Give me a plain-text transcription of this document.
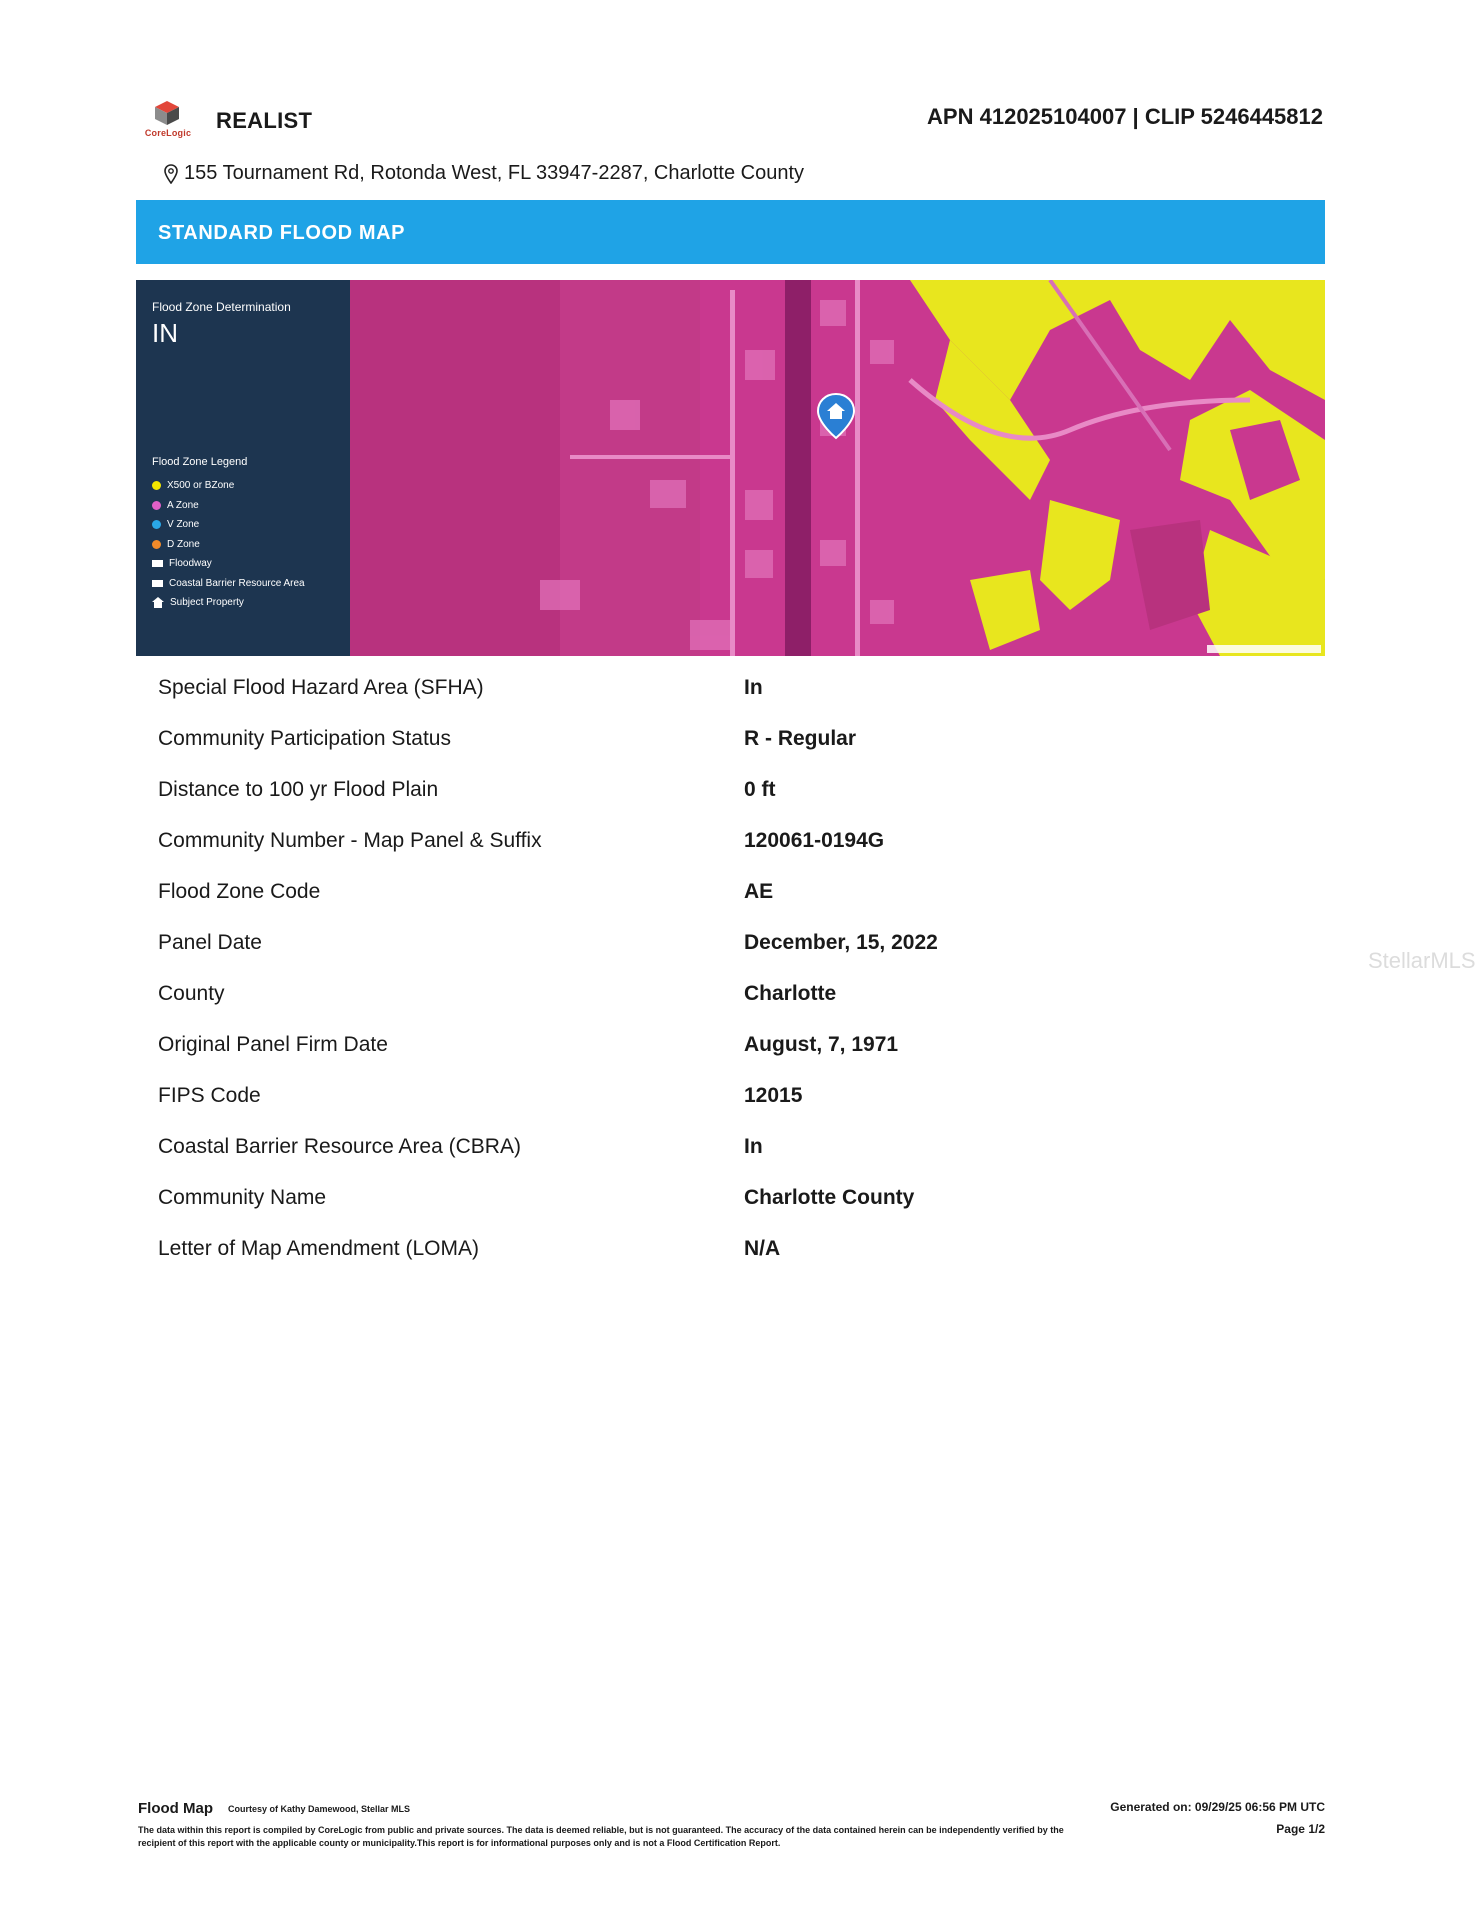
CoreLogic REALIST	APN 412025104007 | CLIP 5246445812
155 Tournament Rd, Rotonda West, FL 33947-2287, Charlotte County
STANDARD FLOOD MAP
Flood Zone Determination
IN
Flood Zone Legend
X500 or BZone
A Zone
V Zone
D Zone
Floodway
Coastal Barrier Resource Area
Subject Property

Special Flood Hazard Area (SFHA)	In
Community Participation Status	R - Regular
Distance to 100 yr Flood Plain	0 ft
Community Number - Map Panel & Suffix	120061-0194G
Flood Zone Code	AE
Panel Date	December, 15, 2022
County	Charlotte
Original Panel Firm Date	August, 7, 1971
FIPS Code	12015
Coastal Barrier Resource Area (CBRA)	In
Community Name	Charlotte County
Letter of Map Amendment (LOMA)	N/A
StellarMLS
Flood Map Courtesy of Kathy Damewood, Stellar MLS
The data within this report is compiled by CoreLogic from public and private sources. The data is deemed reliable, but is not guaranteed. The accuracy of the data contained herein can be independently verified by the recipient of this report with the applicable county or municipality.This report is for informational purposes only and is not a Flood Certification Report.
Generated on: 09/29/25 06:56 PM UTC
Page 1/2
